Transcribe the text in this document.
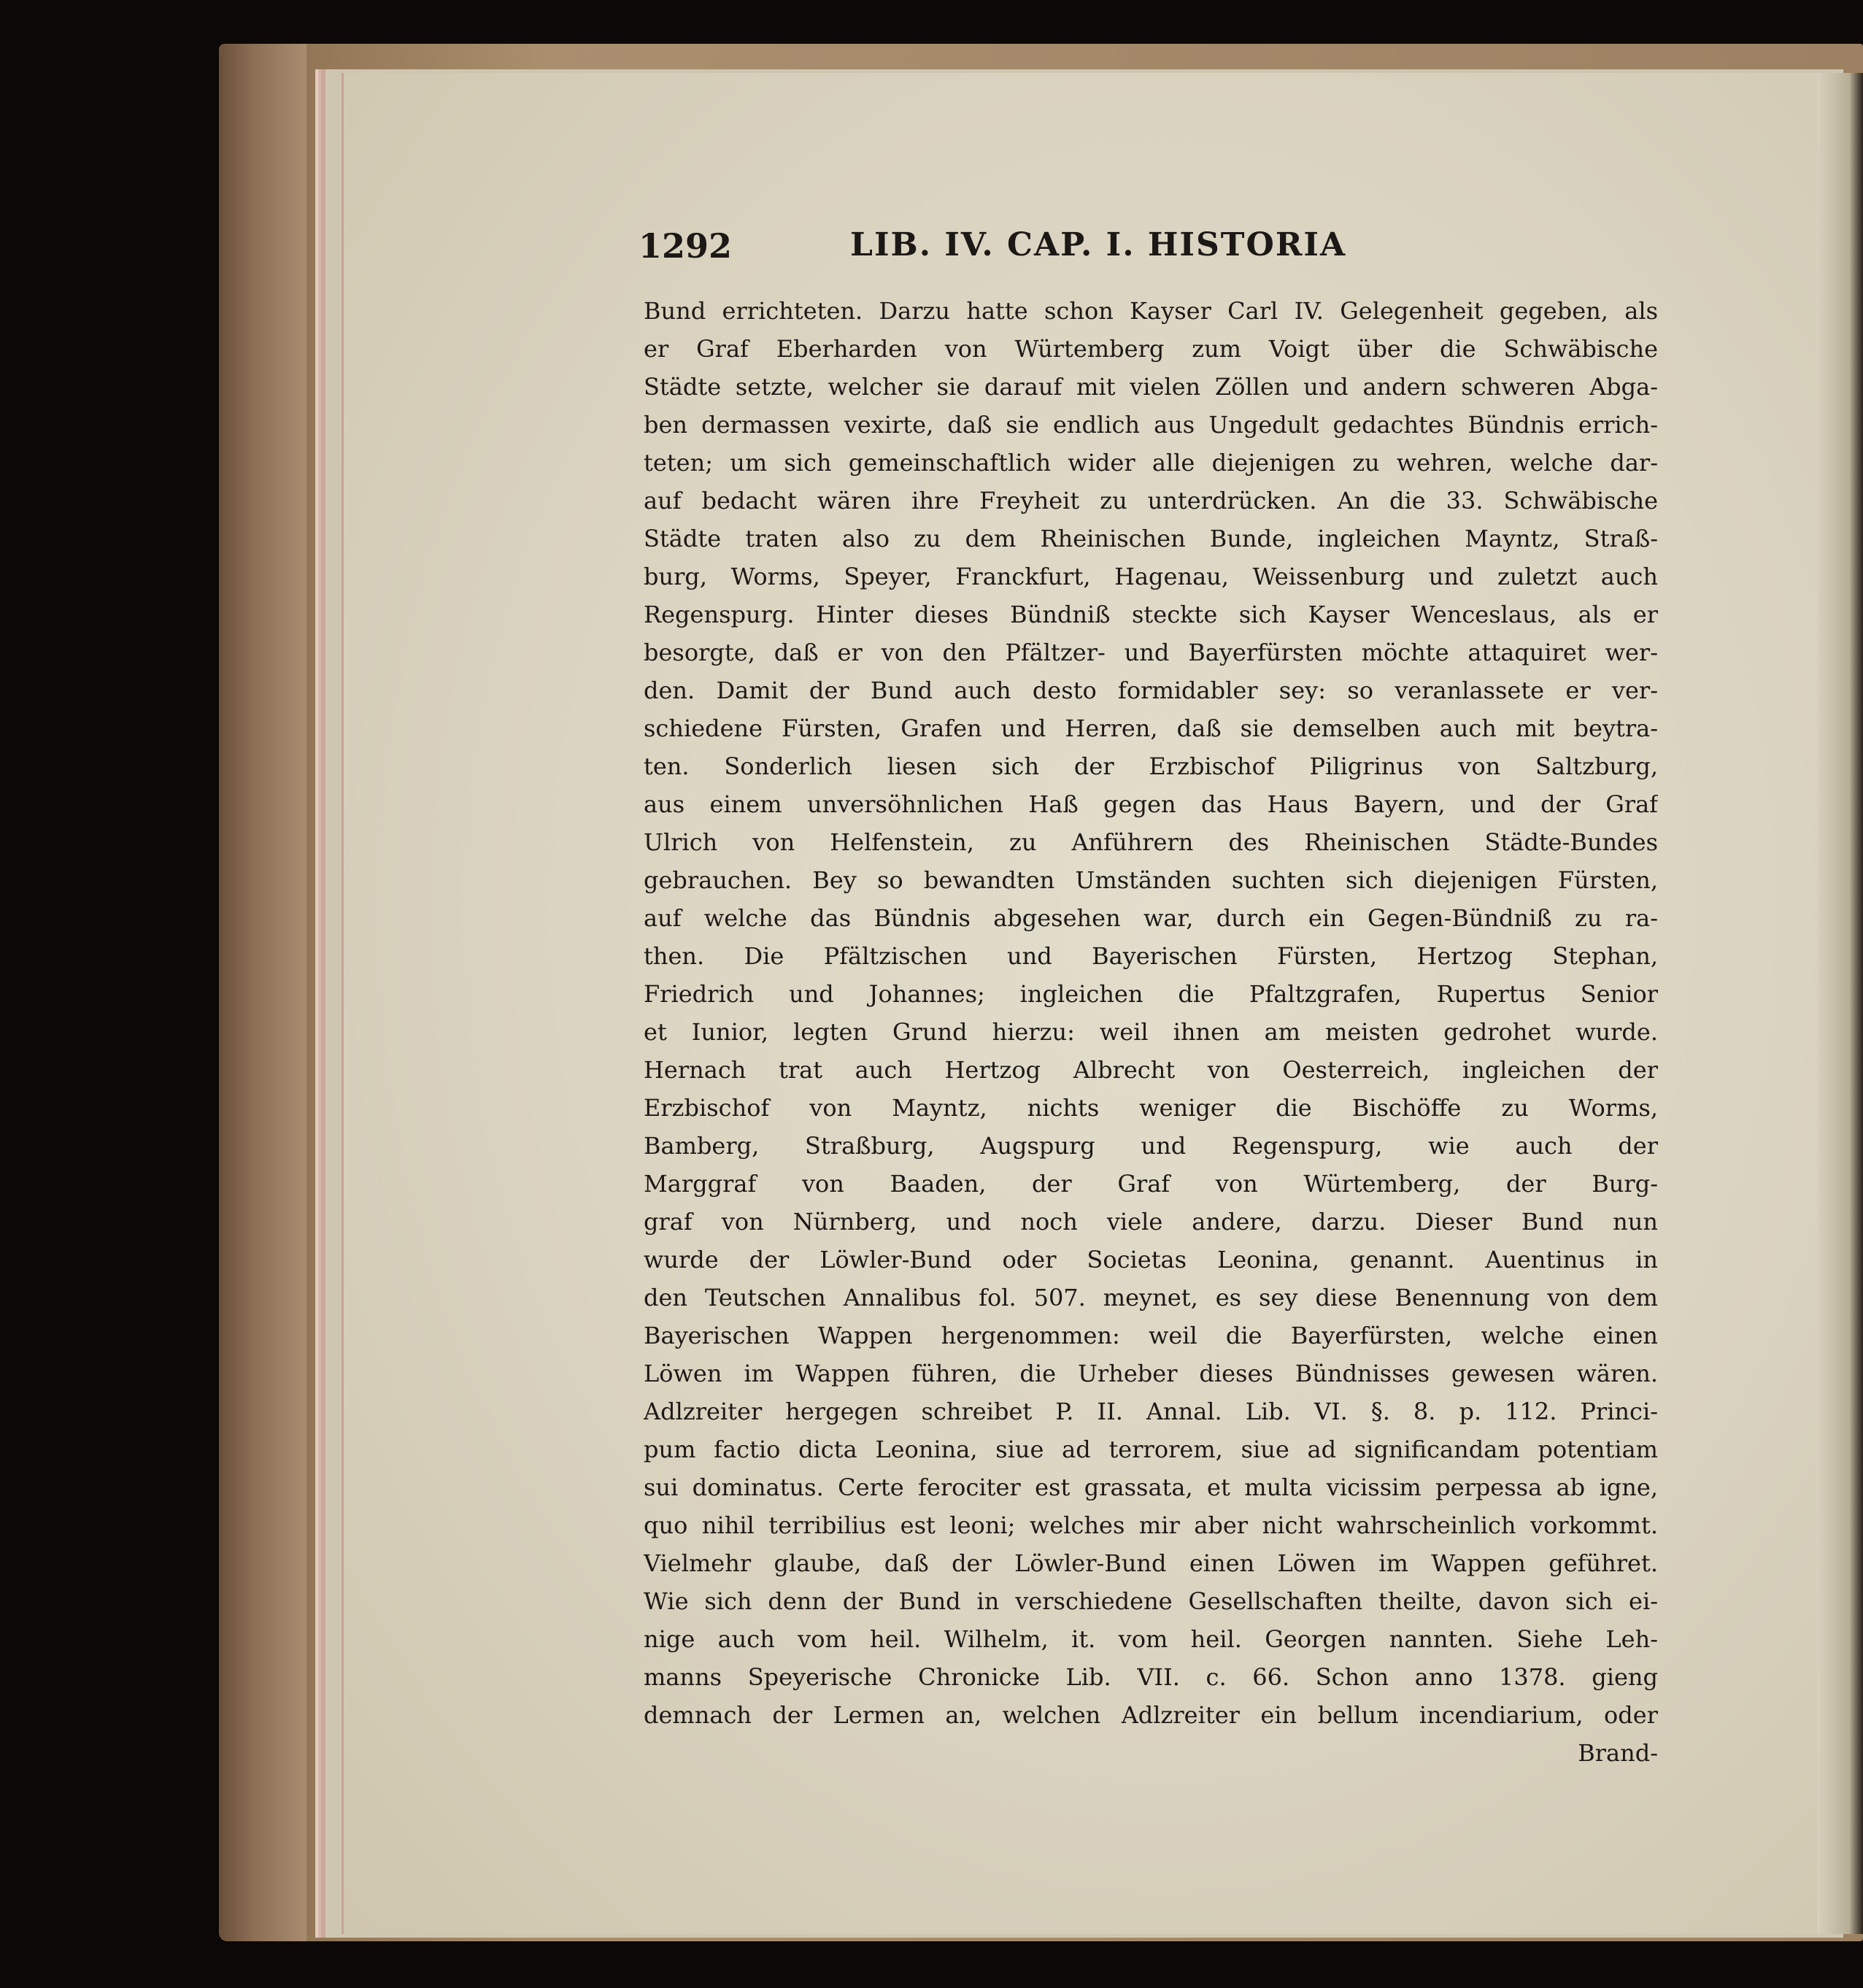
1292	LIB. IV. CAP. I. HISTORIA
Bund errichteten. Darzu hatte schon Kayser Carl IV. Gelegenheit gegeben, als
er Graf Eberharden von Würtemberg zum Voigt über die Schwäbische
Städte setzte, welcher sie darauf mit vielen Zöllen und andern schweren Abga-
ben dermassen vexirte, daß sie endlich aus Ungedult gedachtes Bündnis errich-
teten; um sich gemeinschaftlich wider alle diejenigen zu wehren, welche dar-
auf bedacht wären ihre Freyheit zu unterdrücken. An die 33. Schwäbische
Städte traten also zu dem Rheinischen Bunde, ingleichen Mayntz, Straß-
burg, Worms, Speyer, Franckfurt, Hagenau, Weissenburg und zuletzt auch
Regenspurg. Hinter dieses Bündniß steckte sich Kayser Wenceslaus, als er
besorgte, daß er von den Pfältzer- und Bayerfürsten möchte attaquiret wer-
den. Damit der Bund auch desto formidabler sey: so veranlassete er ver-
schiedene Fürsten, Grafen und Herren, daß sie demselben auch mit beytra-
ten. Sonderlich liesen sich der Erzbischof Piligrinus von Saltzburg,
aus einem unversöhnlichen Haß gegen das Haus Bayern, und der Graf
Ulrich von Helfenstein, zu Anführern des Rheinischen Städte-Bundes
gebrauchen. Bey so bewandten Umständen suchten sich diejenigen Fürsten,
auf welche das Bündnis abgesehen war, durch ein Gegen-Bündniß zu ra-
then. Die Pfältzischen und Bayerischen Fürsten, Hertzog Stephan,
Friedrich und Johannes; ingleichen die Pfaltzgrafen, Rupertus Senior
et Iunior, legten Grund hierzu: weil ihnen am meisten gedrohet wurde.
Hernach trat auch Hertzog Albrecht von Oesterreich, ingleichen der
Erzbischof von Mayntz, nichts weniger die Bischöffe zu Worms,
Bamberg, Straßburg, Augspurg und Regenspurg, wie auch der
Marggraf von Baaden, der Graf von Würtemberg, der Burg-
graf von Nürnberg, und noch viele andere, darzu. Dieser Bund nun
wurde der Löwler-Bund oder Societas Leonina, genannt. Auentinus in
den Teutschen Annalibus fol. 507. meynet, es sey diese Benennung von dem
Bayerischen Wappen hergenommen: weil die Bayerfürsten, welche einen
Löwen im Wappen führen, die Urheber dieses Bündnisses gewesen wären.
Adlzreiter hergegen schreibet P. II. Annal. Lib. VI. §. 8. p. 112. Princi-
pum factio dicta Leonina, siue ad terrorem, siue ad significandam potentiam
sui dominatus. Certe ferociter est grassata, et multa vicissim perpessa ab igne,
quo nihil terribilius est leoni; welches mir aber nicht wahrscheinlich vorkommt.
Vielmehr glaube, daß der Löwler-Bund einen Löwen im Wappen geführet.
Wie sich denn der Bund in verschiedene Gesellschaften theilte, davon sich ei-
nige auch vom heil. Wilhelm, it. vom heil. Georgen nannten. Siehe Leh-
manns Speyerische Chronicke Lib. VII. c. 66. Schon anno 1378. gieng
demnach der Lermen an, welchen Adlzreiter ein bellum incendiarium, oder
Brand-
